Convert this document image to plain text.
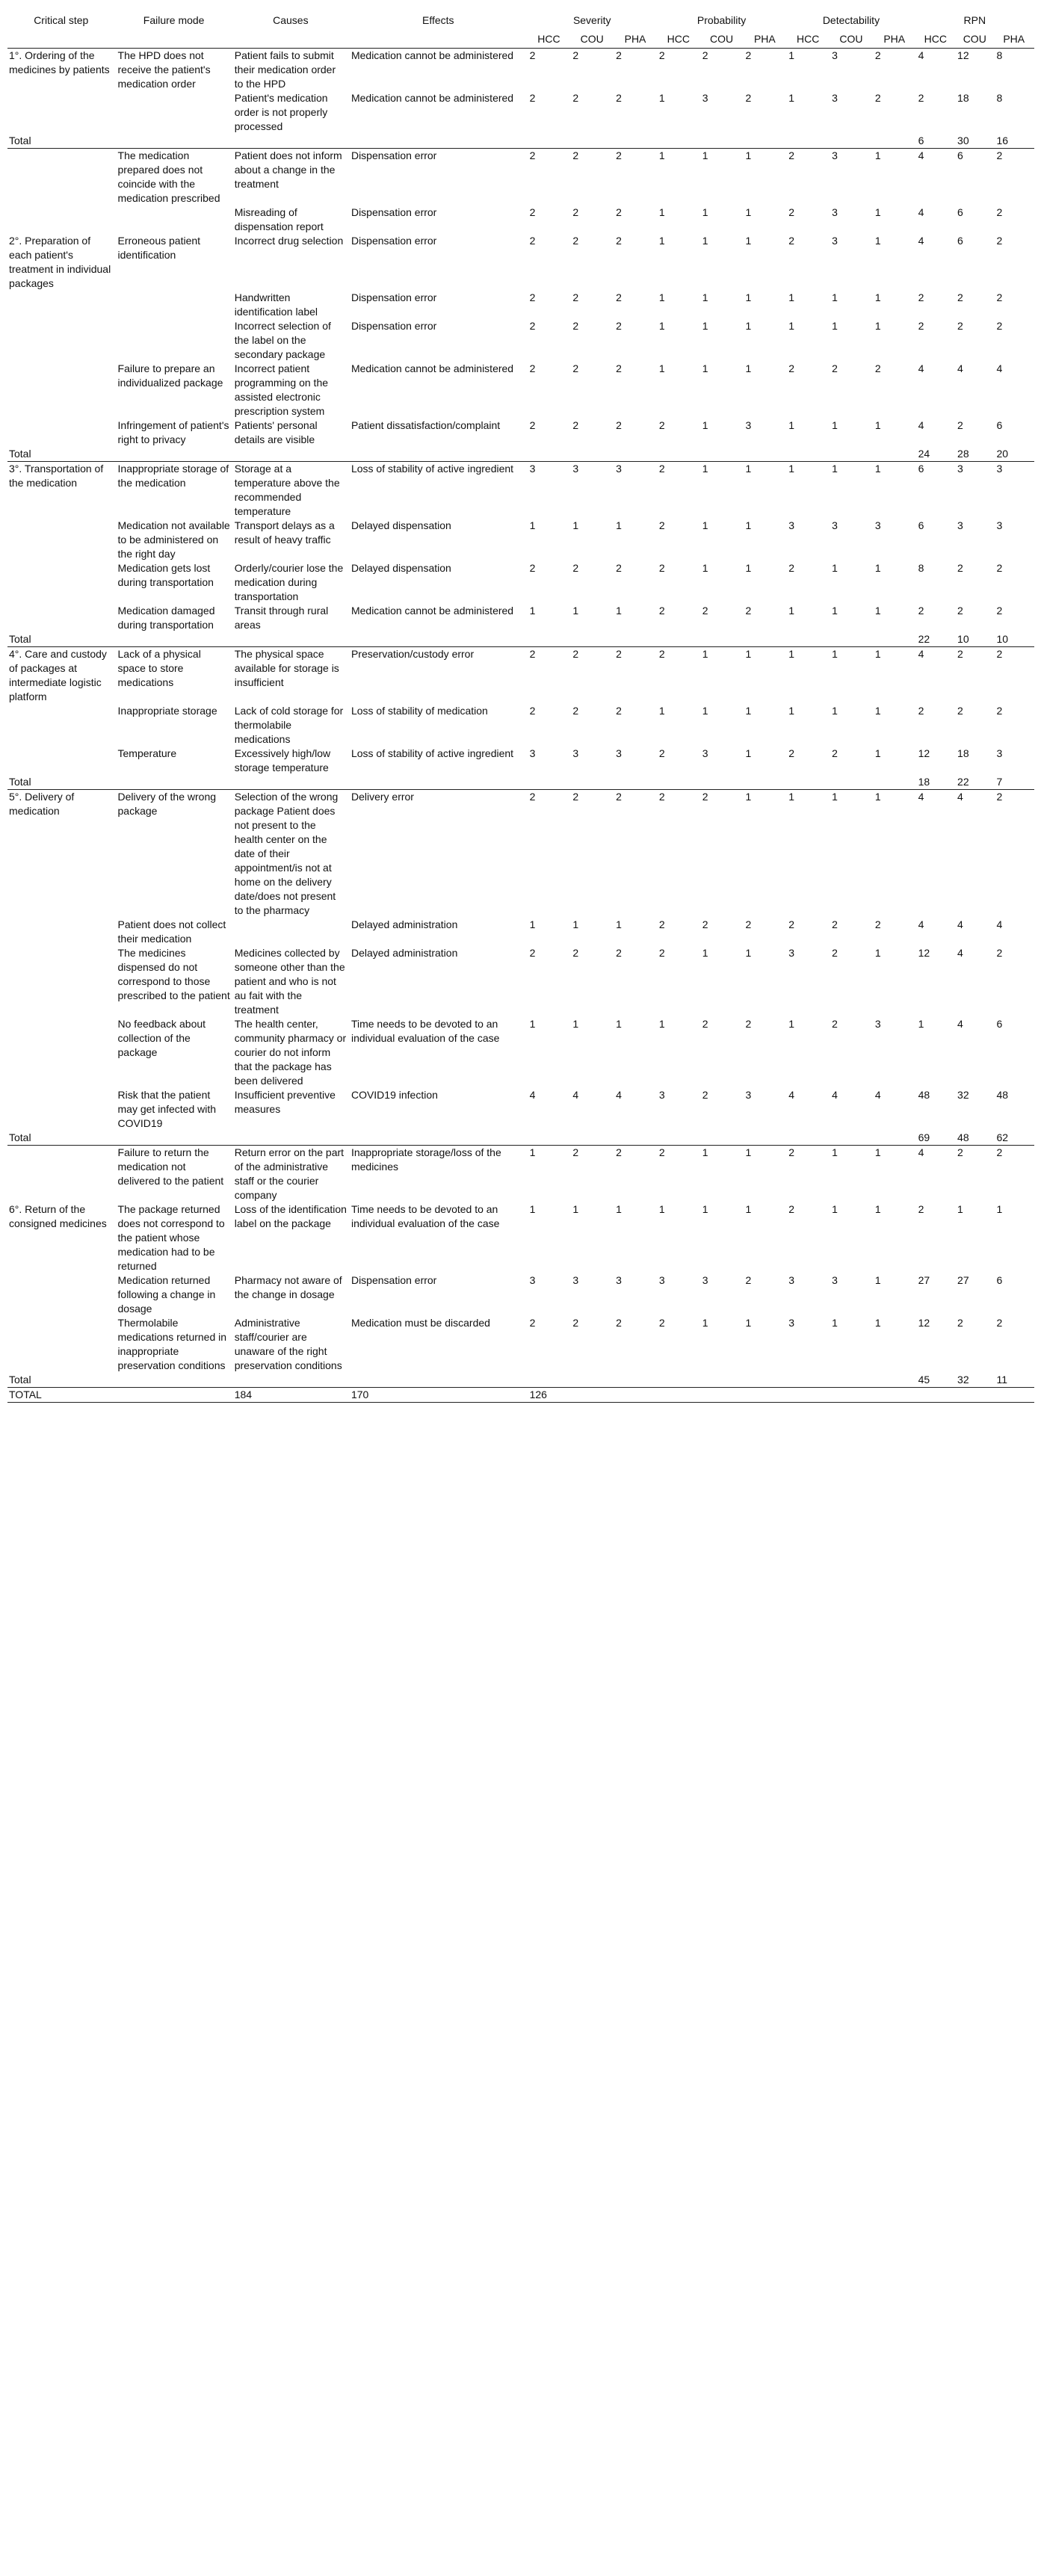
Critical step	Failure mode	Causes	Effects	Severity			Probability			Detectability			RPN		
				HCC	COU	PHA	HCC	COU	PHA	HCC	COU	PHA	HCC	COU	PHA
1°. Ordering of the medicines by patients	The HPD does not receive the patient's medication order	Patient fails to submit their medication order to the HPD	Medication cannot be administered	2	2	2	2	2	2	1	3	2	4	12	8
		Patient's medication order is not properly processed	Medication cannot be administered	2	2	2	1	3	2	1	3	2	2	18	8
Total													6	30	16
	The medication prepared does not coincide with the medication prescribed	Patient does not inform about a change in the treatment	Dispensation error	2	2	2	1	1	1	2	3	1	4	6	2
		Misreading of dispensation report	Dispensation error	2	2	2	1	1	1	2	3	1	4	6	2
2°. Preparation of each patient's treatment in individual packages	Erroneous patient identification	Incorrect drug selection	Dispensation error	2	2	2	1	1	1	2	3	1	4	6	2
		Handwritten identification label	Dispensation error	2	2	2	1	1	1	1	1	1	2	2	2
		Incorrect selection of the label on the secondary package	Dispensation error	2	2	2	1	1	1	1	1	1	2	2	2
	Failure to prepare an individualized package	Incorrect patient programming on the assisted electronic prescription system	Medication cannot be administered	2	2	2	1	1	1	2	2	2	4	4	4
	Infringement of patient's right to privacy	Patients' personal details are visible	Patient dissatisfaction/complaint	2	2	2	2	1	3	1	1	1	4	2	6
Total													24	28	20
3°. Transportation of the medication	Inappropriate storage of the medication	Storage at a temperature above the recommended temperature	Loss of stability of active ingredient	3	3	3	2	1	1	1	1	1	6	3	3
	Medication not available to be administered on the right day	Transport delays as a result of heavy traffic	Delayed dispensation	1	1	1	2	1	1	3	3	3	6	3	3
	Medication gets lost during transportation	Orderly/courier lose the medication during transportation	Delayed dispensation	2	2	2	2	1	1	2	1	1	8	2	2
	Medication damaged during transportation	Transit through rural areas	Medication cannot be administered	1	1	1	2	2	2	1	1	1	2	2	2
Total													22	10	10
4°. Care and custody of packages at intermediate logistic platform	Lack of a physical space to store medications	The physical space available for storage is insufficient	Preservation/custody error	2	2	2	2	1	1	1	1	1	4	2	2
	Inappropriate storage	Lack of cold storage for thermolabile medications	Loss of stability of medication	2	2	2	1	1	1	1	1	1	2	2	2
	Temperature	Excessively high/low storage temperature	Loss of stability of active ingredient	3	3	3	2	3	1	2	2	1	12	18	3
Total													18	22	7
5°. Delivery of medication	Delivery of the wrong package	Selection of the wrong package Patient does not present to the health center on the date of their appointment/is not at home on the delivery date/does not present to the pharmacy	Delivery error	2	2	2	2	2	1	1	1	1	4	4	2
	Patient does not collect their medication		Delayed administration	1	1	1	2	2	2	2	2	2	4	4	4
	The medicines dispensed do not correspond to those prescribed to the patient	Medicines collected by someone other than the patient and who is not au fait with the treatment	Delayed administration	2	2	2	2	1	1	3	2	1	12	4	2
	No feedback about collection of the package	The health center, community pharmacy or courier do not inform that the package has been delivered	Time needs to be devoted to an individual evaluation of the case	1	1	1	1	2	2	1	2	3	1	4	6
	Risk that the patient may get infected with COVID19	Insufficient preventive measures	COVID19 infection	4	4	4	3	2	3	4	4	4	48	32	48
Total													69	48	62
	Failure to return the medication not delivered to the patient	Return error on the part of the administrative staff or the courier company	Inappropriate storage/loss of the medicines	1	2	2	2	1	1	2	1	1	4	2	2
6°. Return of the consigned medicines	The package returned does not correspond to the patient whose medication had to be returned	Loss of the identification label on the package	Time needs to be devoted to an individual evaluation of the case	1	1	1	1	1	1	2	1	1	2	1	1
	Medication returned following a change in dosage	Pharmacy not aware of the change in dosage	Dispensation error	3	3	3	3	3	2	3	3	1	27	27	6
	Thermolabile medications returned in inappropriate preservation conditions	Administrative staff/courier are unaware of the right preservation conditions	Medication must be discarded	2	2	2	2	1	1	3	1	1	12	2	2
Total													45	32	11
TOTAL		184	170	126											
